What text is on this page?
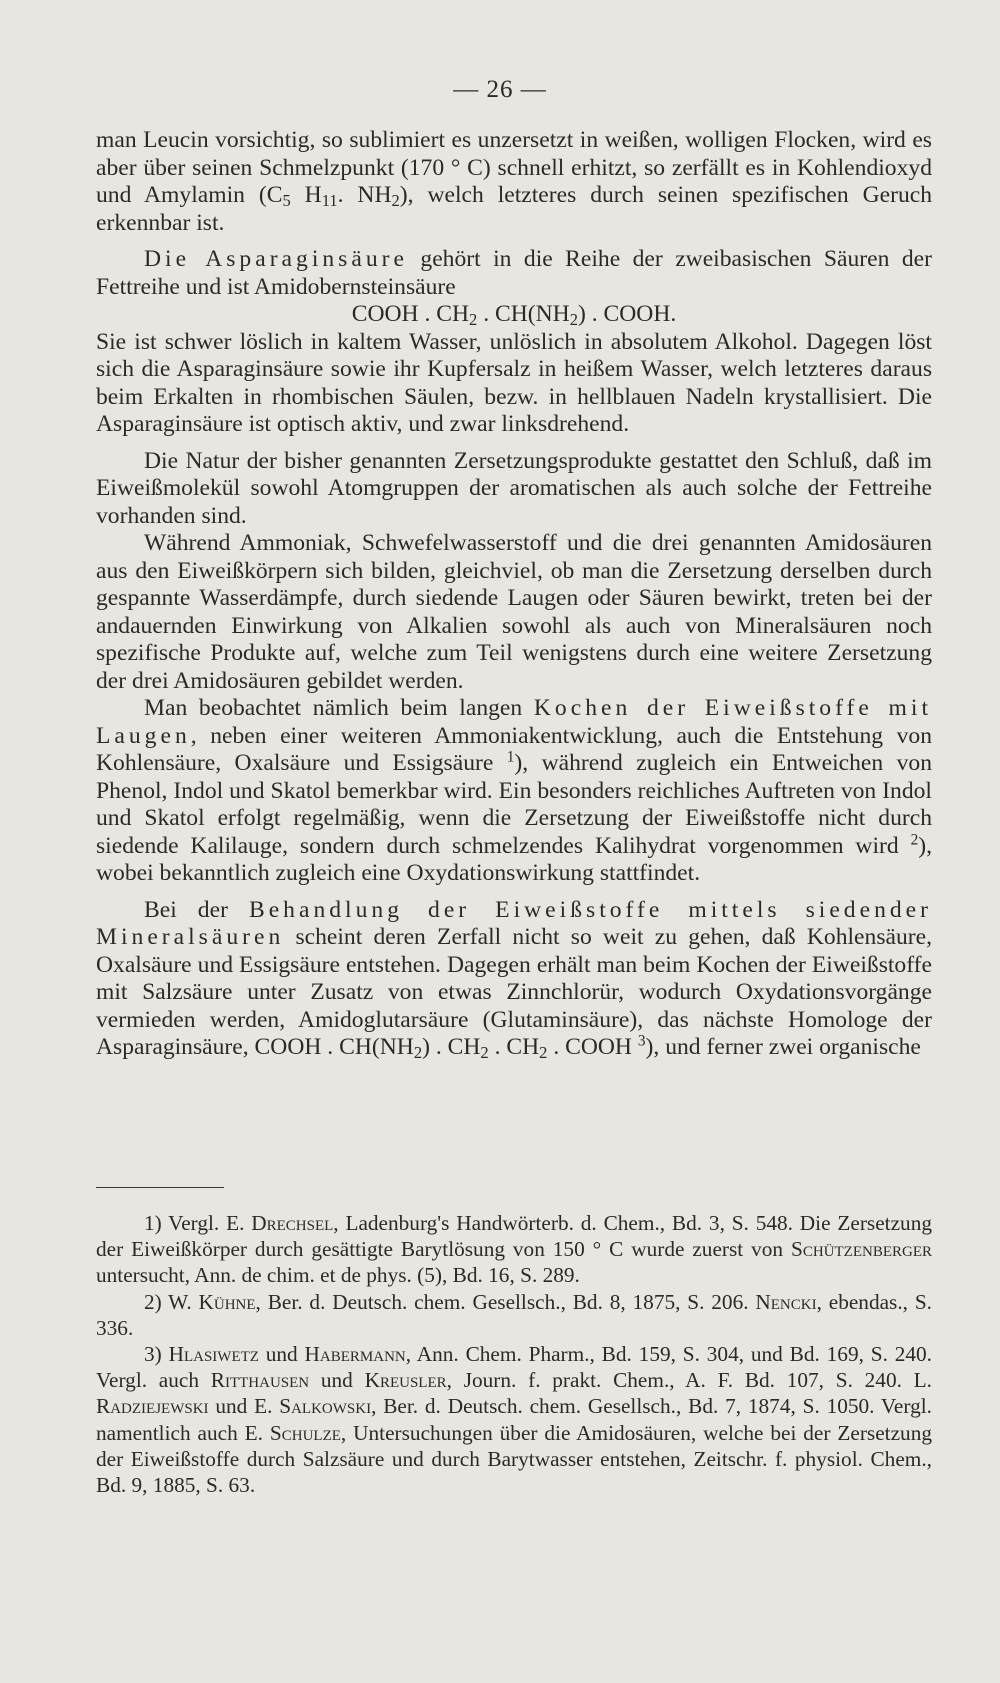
— 26 —

man Leucin vorsichtig, so sublimiert es unzersetzt in weißen, wolligen Flocken, wird es aber über seinen Schmelzpunkt (170 ° C) schnell erhitzt, so zerfällt es in Kohlendioxyd und Amylamin ($C_5$ $H_{11}$. $NH_2$), welch letzteres durch seinen spezifischen Geruch erkennbar ist.

Die Asparaginsäure gehört in die Reihe der zweibasischen Säuren der Fettreihe und ist Amidobernsteinsäure

COOH . $CH_2$ . $CH(NH_2)$ . COOH.

Sie ist schwer löslich in kaltem Wasser, unlöslich in absolutem Alkohol. Dagegen löst sich die Asparaginsäure sowie ihr Kupfersalz in heißem Wasser, welch letzteres daraus beim Erkalten in rhombischen Säulen, bezw. in hellblauen Nadeln krystallisiert. Die Asparaginsäure ist optisch aktiv, und zwar linksdrehend.

Die Natur der bisher genannten Zersetzungsprodukte gestattet den Schluß, daß im Eiweißmolekül sowohl Atomgruppen der aromatischen als auch solche der Fettreihe vorhanden sind.

Während Ammoniak, Schwefelwasserstoff und die drei genannten Amidosäuren aus den Eiweißkörpern sich bilden, gleichviel, ob man die Zersetzung derselben durch gespannte Wasserdämpfe, durch siedende Laugen oder Säuren bewirkt, treten bei der andauernden Einwirkung von Alkalien sowohl als auch von Mineralsäuren noch spezifische Produkte auf, welche zum Teil wenigstens durch eine weitere Zersetzung der drei Amidosäuren gebildet werden.

Man beobachtet nämlich beim langen Kochen der Eiweißstoffe mit Laugen, neben einer weiteren Ammoniakentwicklung, auch die Entstehung von Kohlensäure, Oxalsäure und Essigsäure $^1$), während zugleich ein Entweichen von Phenol, Indol und Skatol bemerkbar wird. Ein besonders reichliches Auftreten von Indol und Skatol erfolgt regelmäßig, wenn die Zersetzung der Eiweißstoffe nicht durch siedende Kalilauge, sondern durch schmelzendes Kalihydrat vorgenommen wird $^2$), wobei bekanntlich zugleich eine Oxydationswirkung stattfindet.

Bei der Behandlung der Eiweißstoffe mittels siedender Mineralsäuren scheint deren Zerfall nicht so weit zu gehen, daß Kohlensäure, Oxalsäure und Essigsäure entstehen. Dagegen erhält man beim Kochen der Eiweißstoffe mit Salzsäure unter Zusatz von etwas Zinnchlorür, wodurch Oxydationsvorgänge vermieden werden, Amidoglutarsäure (Glutaminsäure), das nächste Homologe der Asparaginsäure, COOH . $CH(NH_2)$ . $CH_2$ . $CH_2$ . COOH $^3$), und ferner zwei organische

1) Vergl. E. Drechsel, Ladenburg's Handwörterb. d. Chem., Bd. 3, S. 548. Die Zersetzung der Eiweißkörper durch gesättigte Barytlösung von 150 ° C wurde zuerst von Schützenberger untersucht, Ann. de chim. et de phys. (5), Bd. 16, S. 289.

2) W. Kühne, Ber. d. Deutsch. chem. Gesellsch., Bd. 8, 1875, S. 206. Nencki, ebendas., S. 336.

3) Hlasiwetz und Habermann, Ann. Chem. Pharm., Bd. 159, S. 304, und Bd. 169, S. 240. Vergl. auch Ritthausen und Kreusler, Journ. f. prakt. Chem., A. F. Bd. 107, S. 240. L. Radziejewski und E. Salkowski, Ber. d. Deutsch. chem. Gesellsch., Bd. 7, 1874, S. 1050. Vergl. namentlich auch E. Schulze, Untersuchungen über die Amidosäuren, welche bei der Zersetzung der Eiweißstoffe durch Salzsäure und durch Barytwasser entstehen, Zeitschr. f. physiol. Chem., Bd. 9, 1885, S. 63.
